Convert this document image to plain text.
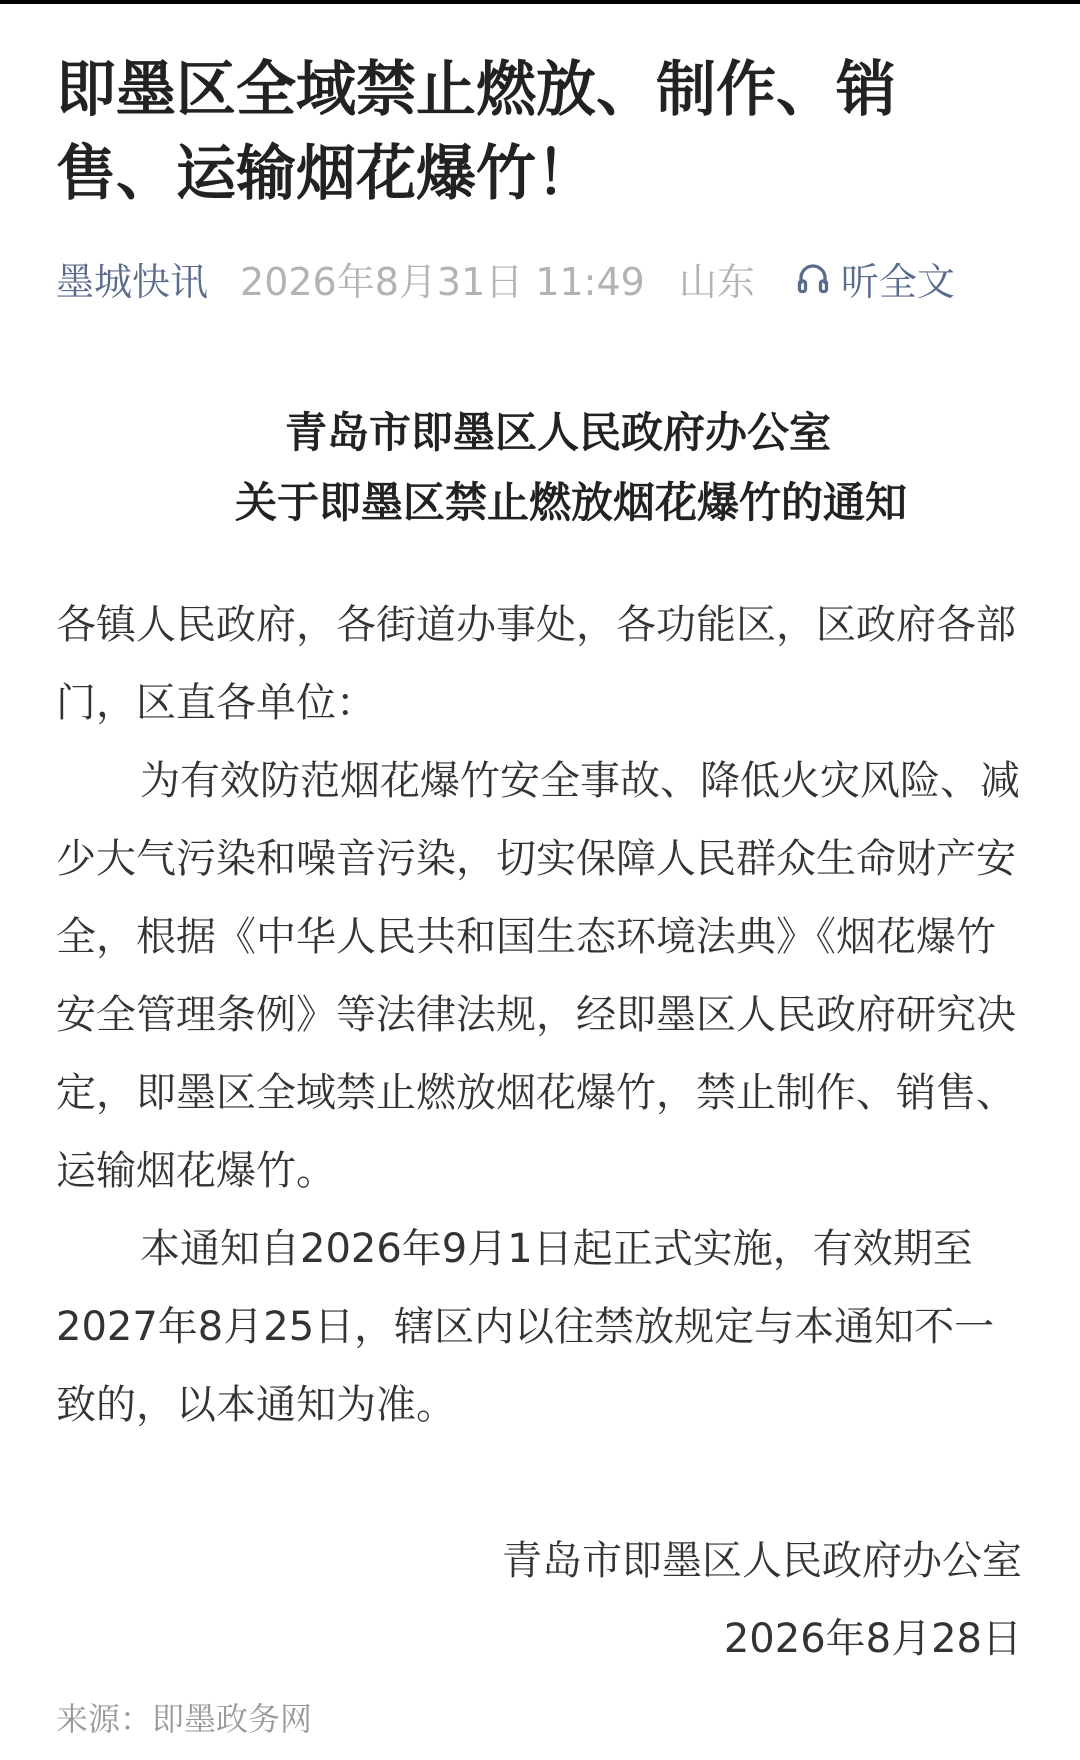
即墨区全域禁止燃放、制作、销售、运输烟花爆竹！
墨城快讯 2026年8月31日 11:49 山东 听全文
青岛市即墨区人民政府办公室
关于即墨区禁止燃放烟花爆竹的通知

各镇人民政府，各街道办事处，各功能区，区政府各部门，区直各单位：

为有效防范烟花爆竹安全事故、降低火灾风险、减少大气污染和噪音污染，切实保障人民群众生命财产安全，根据《中华人民共和国生态环境法典》《烟花爆竹安全管理条例》等法律法规，经即墨区人民政府研究决定，即墨区全域禁止燃放烟花爆竹，禁止制作、销售、运输烟花爆竹。

本通知自2026年9月1日起正式实施，有效期至2027年8月25日，辖区内以往禁放规定与本通知不一致的，以本通知为准。

青岛市即墨区人民政府办公室
2026年8月28日
来源：即墨政务网
